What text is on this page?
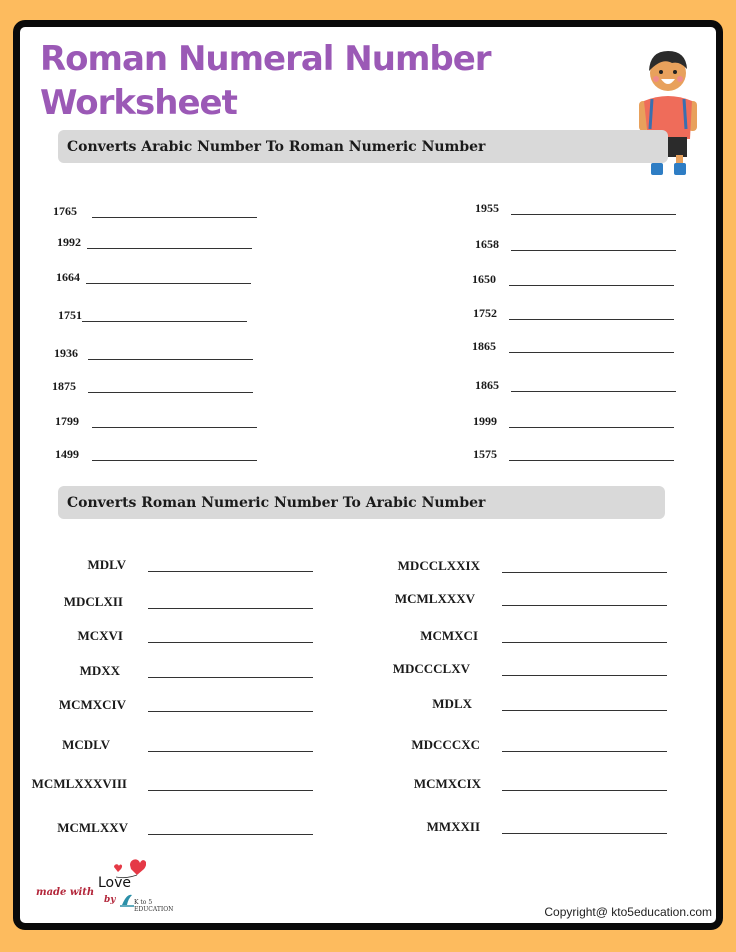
Roman Numeral Number
Worksheet
Converts Arabic Number To Roman Numeric Number
1765	1955
1992	1658
1664	1650
1751	1752
1936	1865
1875	1865
1799	1999
1499	1575
Converts Roman Numeric Number To Arabic Number
MDLV	MDCCLXXIX
MDCLXII	MCMLXXXV
MCXVI	MCMXCI
MDXX	MDCCCLXV
MCMXCIV	MDLX
MCDLV	MDCCCXC
MCMLXXXVIII	MCMXCIX
MCMLXXV	MMXXII
made with
Love
by	K to 5 EDUCATION	Copyright@ kto5education.com
